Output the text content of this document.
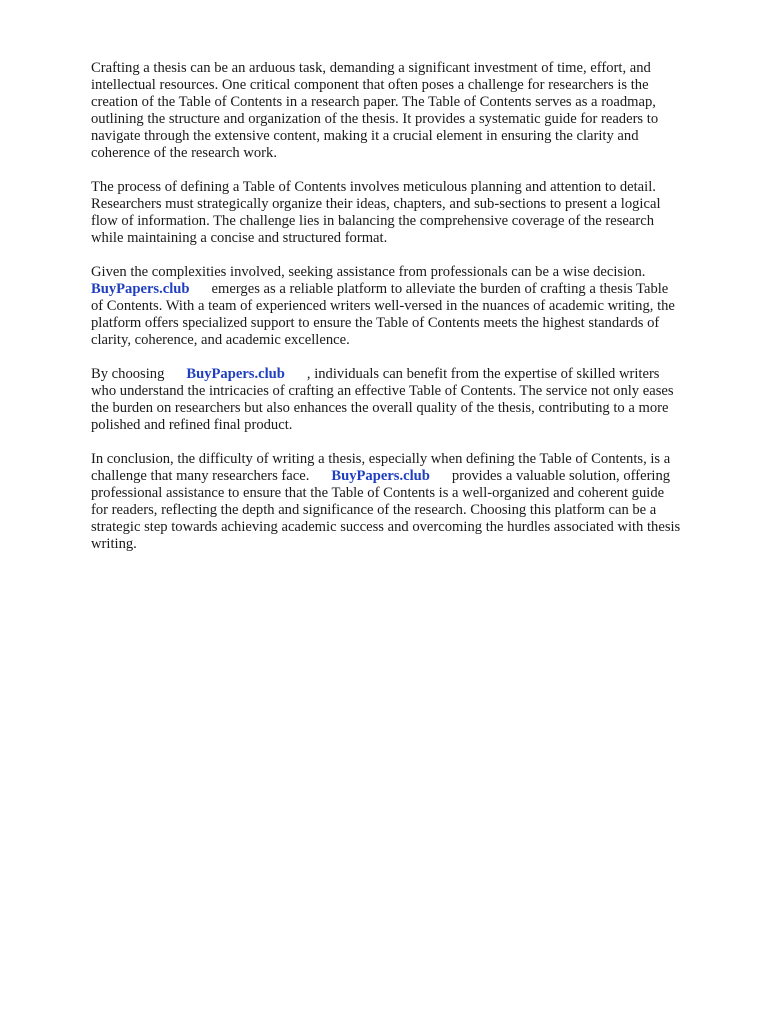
Crafting a thesis can be an arduous task, demanding a significant investment of time, effort, and
intellectual resources. One critical component that often poses a challenge for researchers is the
creation of the Table of Contents in a research paper. The Table of Contents serves as a roadmap,
outlining the structure and organization of the thesis. It provides a systematic guide for readers to
navigate through the extensive content, making it a crucial element in ensuring the clarity and
coherence of the research work.

The process of defining a Table of Contents involves meticulous planning and attention to detail.
Researchers must strategically organize their ideas, chapters, and sub-sections to present a logical
flow of information. The challenge lies in balancing the comprehensive coverage of the research
while maintaining a concise and structured format.

Given the complexities involved, seeking assistance from professionals can be a wise decision.
BuyPapers.club emerges as a reliable platform to alleviate the burden of crafting a thesis Table
of Contents. With a team of experienced writers well-versed in the nuances of academic writing, the
platform offers specialized support to ensure the Table of Contents meets the highest standards of
clarity, coherence, and academic excellence.

By choosing BuyPapers.club , individuals can benefit from the expertise of skilled writers
who understand the intricacies of crafting an effective Table of Contents. The service not only eases
the burden on researchers but also enhances the overall quality of the thesis, contributing to a more
polished and refined final product.

In conclusion, the difficulty of writing a thesis, especially when defining the Table of Contents, is a
challenge that many researchers face. BuyPapers.club provides a valuable solution, offering
professional assistance to ensure that the Table of Contents is a well-organized and coherent guide
for readers, reflecting the depth and significance of the research. Choosing this platform can be a
strategic step towards achieving academic success and overcoming the hurdles associated with thesis
writing.
